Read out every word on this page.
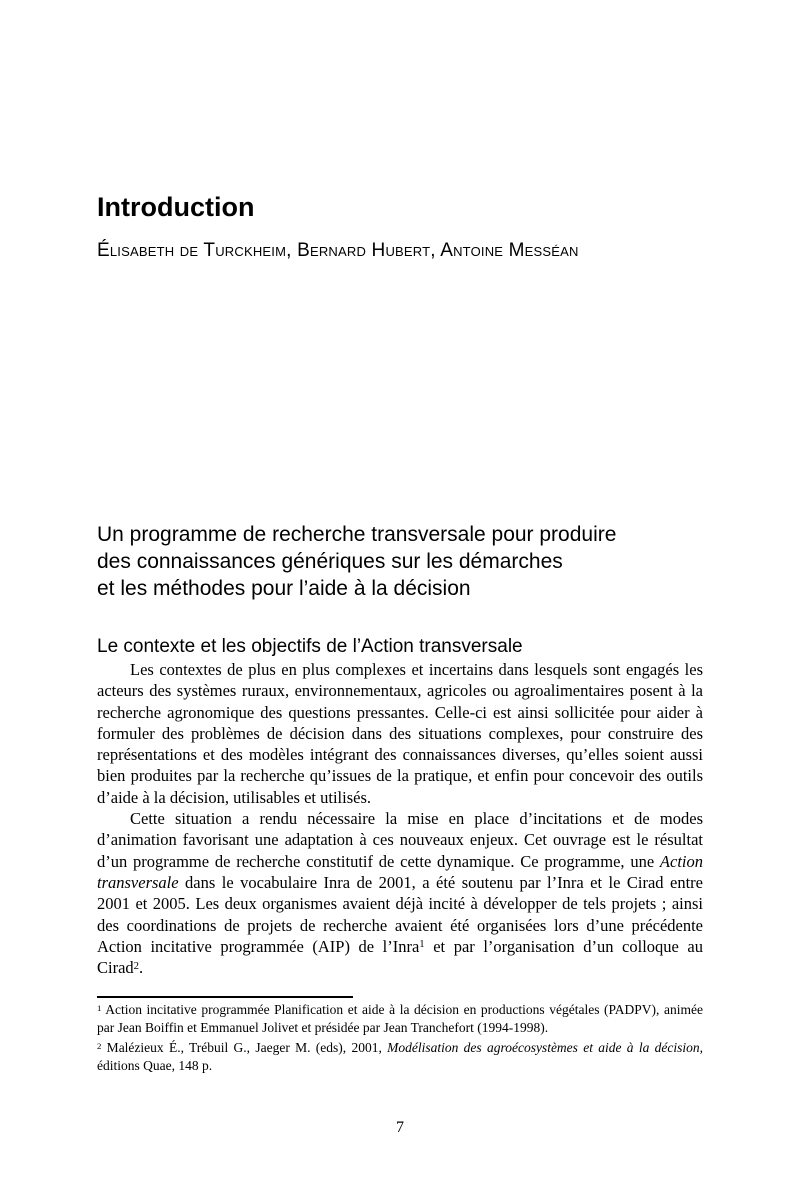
Introduction
Élisabeth de Turckheim, Bernard Hubert, Antoine Messéan
Un programme de recherche transversale pour produire
des connaissances génériques sur les démarches
et les méthodes pour l’aide à la décision
Le contexte et les objectifs de l’Action transversale

Les contextes de plus en plus complexes et incertains dans lesquels sont engagés les acteurs des systèmes ruraux, environnementaux, agricoles ou agroalimentaires posent à la recherche agronomique des questions pressantes. Celle-ci est ainsi sollicitée pour aider à formuler des problèmes de décision dans des situations complexes, pour construire des représentations et des modèles intégrant des connaissances diverses, qu’elles soient aussi bien produites par la recherche qu’issues de la pratique, et enfin pour concevoir des outils d’aide à la décision, utilisables et utilisés.

Cette situation a rendu nécessaire la mise en place d’incitations et de modes d’animation favorisant une adaptation à ces nouveaux enjeux. Cet ouvrage est le résultat d’un programme de recherche constitutif de cette dynamique. Ce programme, une Action transversale dans le vocabulaire Inra de 2001, a été soutenu par l’Inra et le Cirad entre 2001 et 2005. Les deux organismes avaient déjà incité à développer de tels projets ; ainsi des coordinations de projets de recherche avaient été organisées lors d’une précédente Action incitative programmée (AIP) de l’Inra$^1$ et par l’organisation d’un colloque au Cirad$^2$.

$^1$ Action incitative programmée Planification et aide à la décision en productions végétales (PADPV), animée par Jean Boiffin et Emmanuel Jolivet et présidée par Jean Tranchefort (1994-1998).

$^2$ Malézieux É., Trébuil G., Jaeger M. (eds), 2001, Modélisation des agroécosystèmes et aide à la décision, éditions Quae, 148 p.

7
